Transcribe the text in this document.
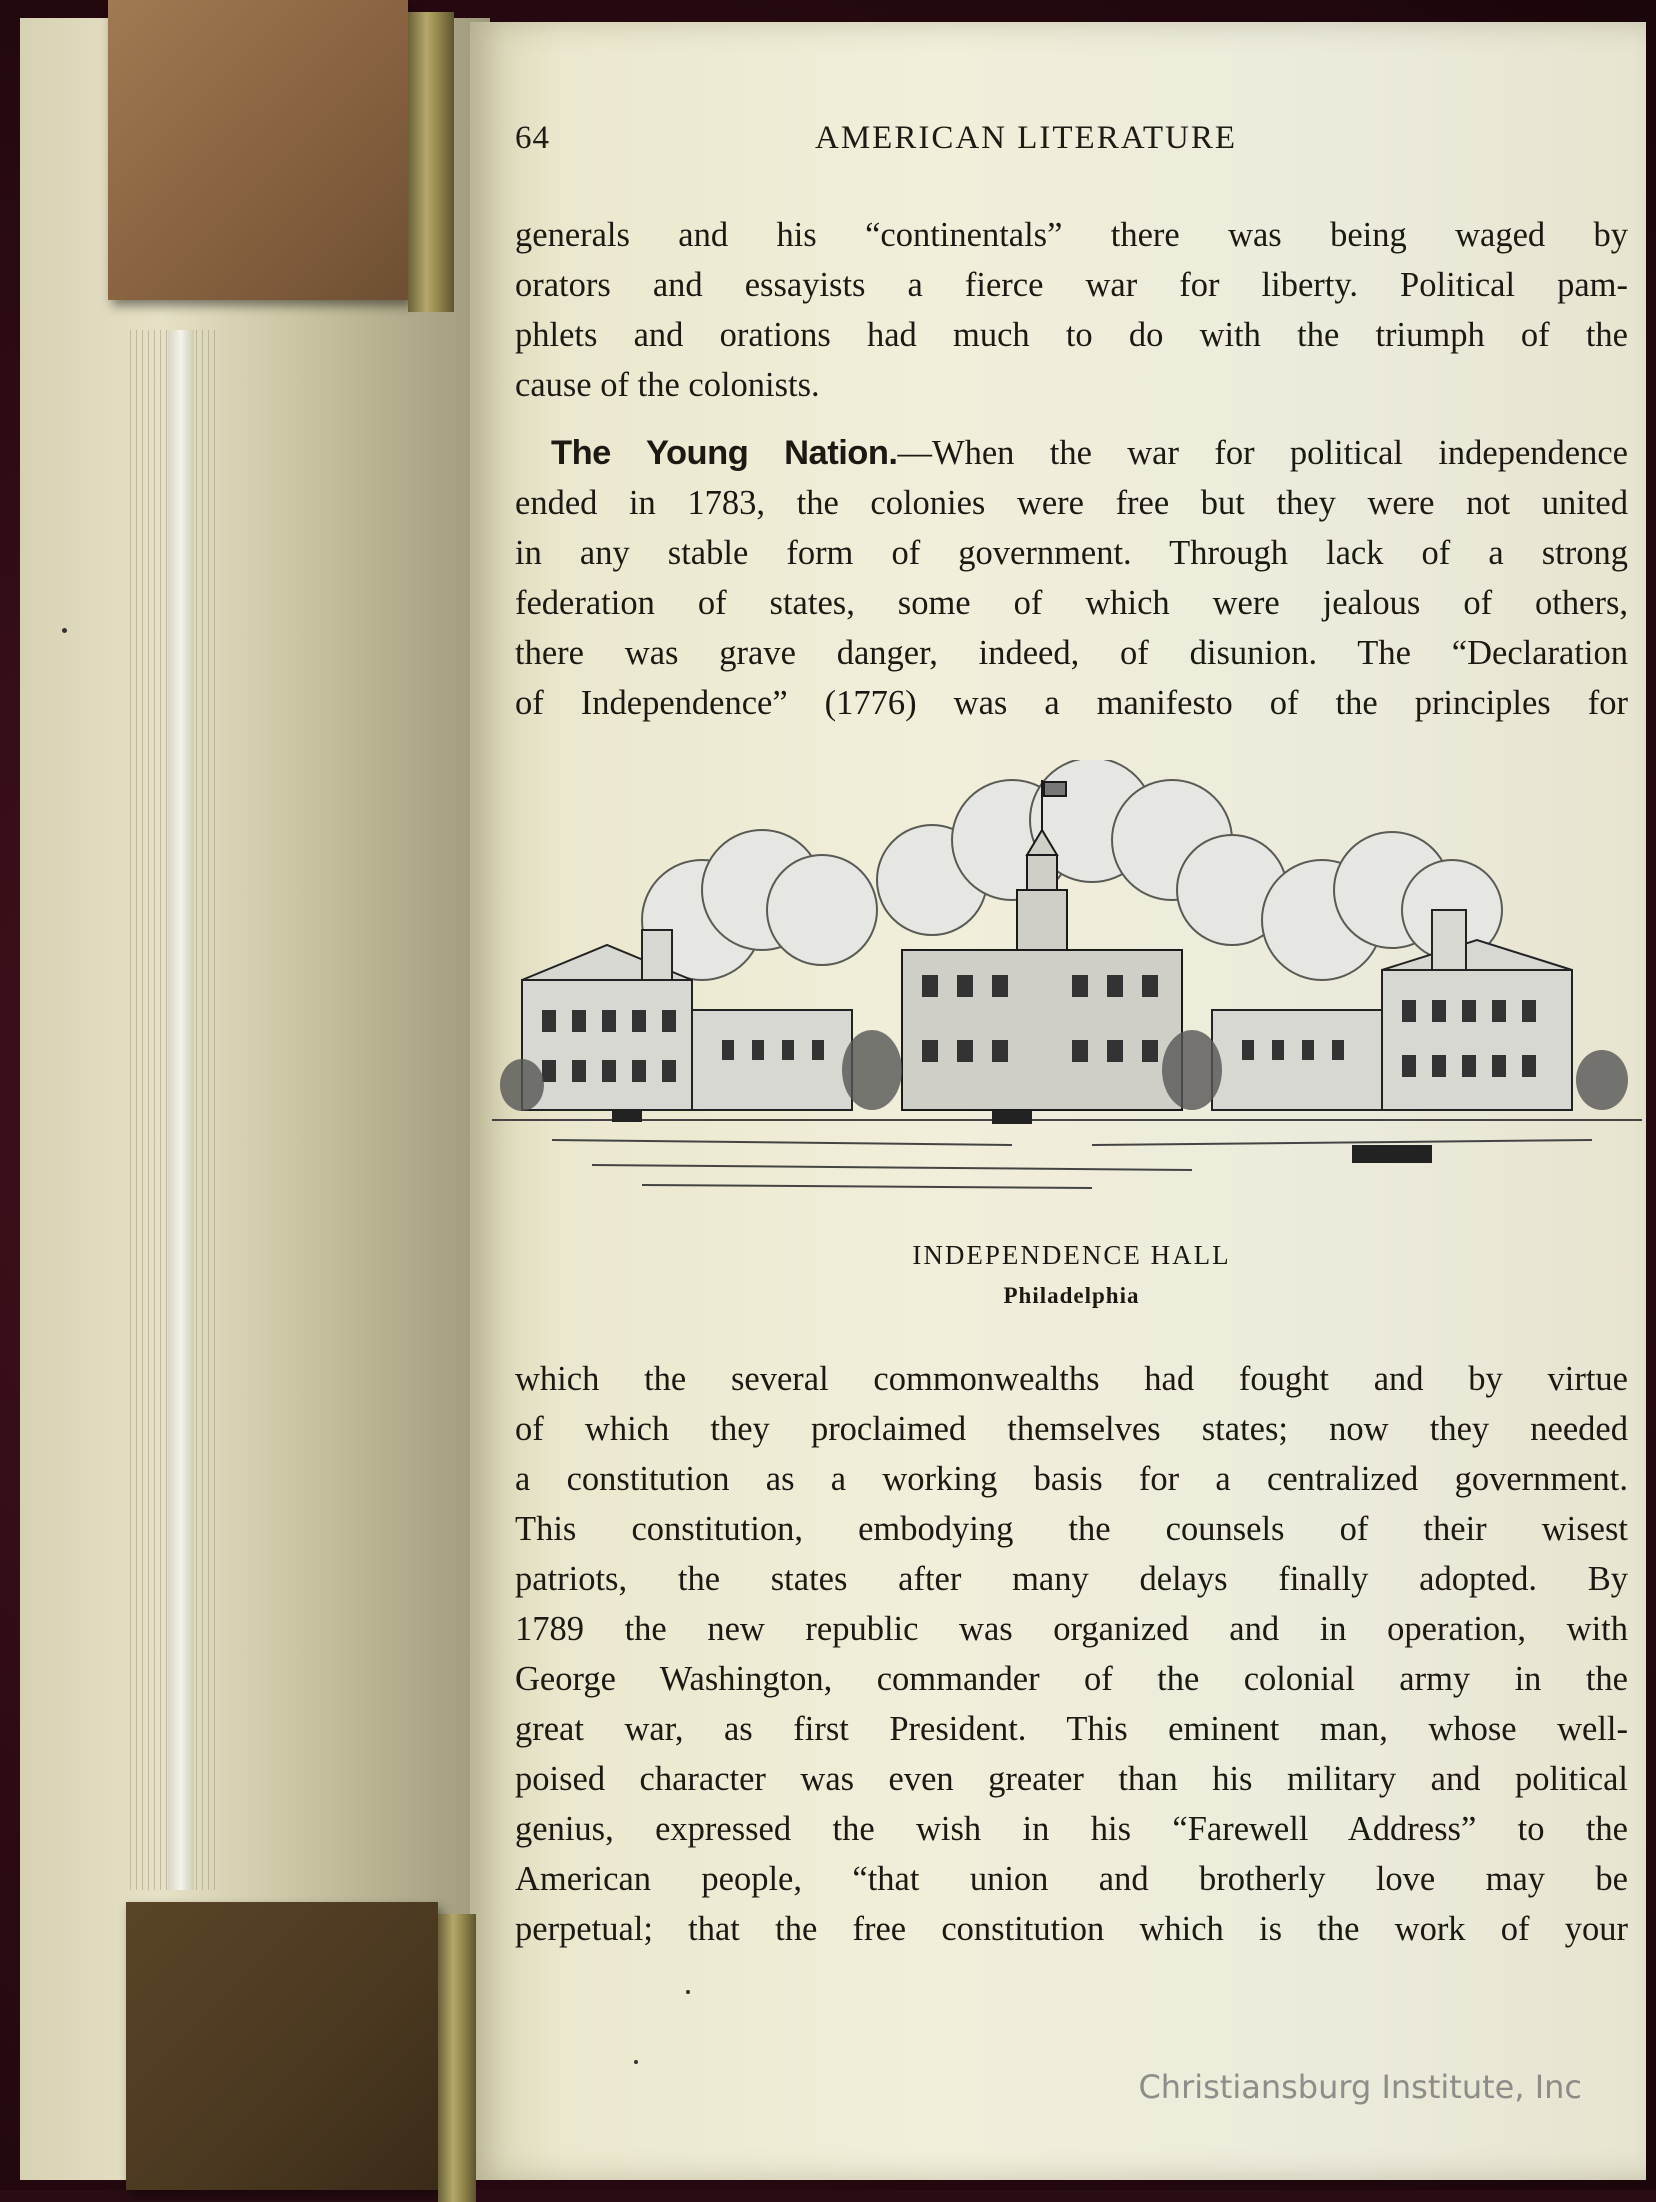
64	AMERICAN LITERATURE
generals and his “continentals” there was being waged by
orators and essayists a fierce war for liberty. Political pam-
phlets and orations had much to do with the triumph of the
cause of the colonists.
The Young Nation.—When the war for political independence
ended in 1783, the colonies were free but they were not united
in any stable form of government. Through lack of a strong
federation of states, some of which were jealous of others,
there was grave danger, indeed, of disunion. The “Declaration
of Independence” (1776) was a manifesto of the principles for
INDEPENDENCE HALL
Philadelphia
which the several commonwealths had fought and by virtue
of which they proclaimed themselves states; now they needed
a constitution as a working basis for a centralized government.
This constitution, embodying the counsels of their wisest
patriots, the states after many delays finally adopted. By
1789 the new republic was organized and in operation, with
George Washington, commander of the colonial army in the
great war, as first President. This eminent man, whose well-
poised character was even greater than his military and political
genius, expressed the wish in his “Farewell Address” to the
American people, “that union and brotherly love may be
perpetual; that the free constitution which is the work of your
Christiansburg Institute, Inc
